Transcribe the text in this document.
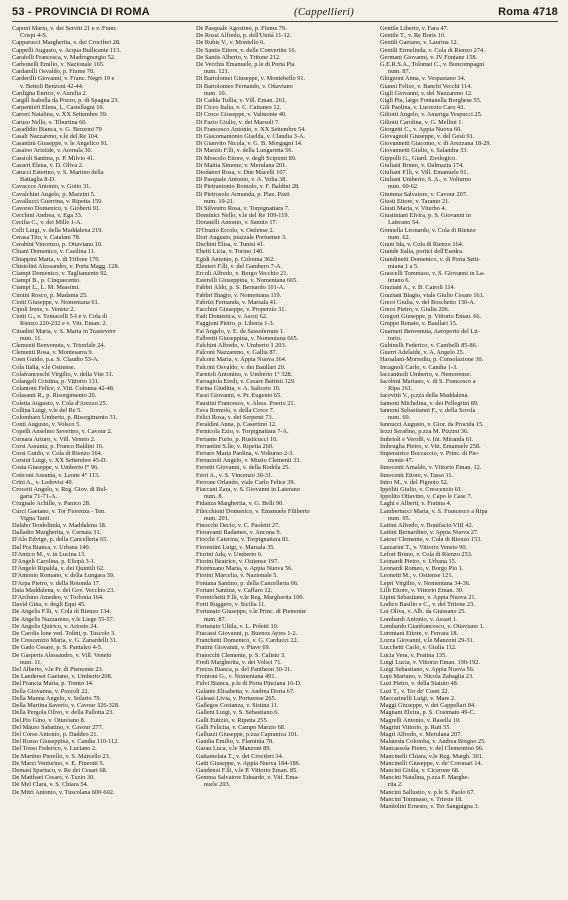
53 - PROVINCIA DI ROMA	(Cappellieri)	Roma 4718
Caponi Mario, v. dei Serviti 21 e v. Franc.
Crispi 4-S.
Capparucci Margherita, v. dei Crociferi 28.
Cappelli Augusto, v. Acqua Bullicante 113.
Carafelli Francesca, v. Madrognorgio 52.
Carbonelli Emilio, v. Nazionale 165.
Cardarelli Osvaldo, p. Fiume 70.
Carderilli Giovanni, v. Franc. Negri 19 e
v. Bettoli Benzoni 42-44.
Cardigna Enrico, v. Aurelia 2.
Cargill Isabella da Pozzo, p. di Spagna 23.
Carpentieri Elena, L. Castellagni 10.
Carreri Natalina, v. XX Settembre 39.
Caruso Nello, v. Tiburtina 60.
Casadidio Bianca, v. G. Benzoni 79
Casali Nazzareno, v.le del Re 104.
Casantini Giuseppe, v. le Angelico 91.
Casaioo Aristide, v. Arenula 30.
Cassioli Santina, p. P. Milvio 41.
Casseri Elena, v. D. Oliva 2.
Catucci Esterino, v. S. Martino della
Battaglia 8-D.
Cavaccce Antonio, v. Goito 31.
Cavalchini Angelo, p. Mazzini 5.
Cavallucci Guerrina, v. Ripetta 159.
Cavoreo Domenico, v. Gioberti 91.
Cecchini Andrea, v. Ega 33.
Cecilia C., v. dei Mille 1-A.
Celli Luigi, v. della Maddalena 219.
Cerasa Tito, v. Catalani 78.
Cerabini Vincenzo, p. Ottaviano 10.
Chiani Domenico, v. Casilina 11.
Chiappini Maria, v. di Trifone 170.
Chistolini Alessandro, v. Porta Magg. 128.
Ciampi Domenico, v. Tagliamento 92.
Ciampi B., p. Cinquecento.
Ciampi L., L. M. Massimi.
Cimini Rosco, p. Madama 25.
Ciotti Giuseppe, v. Nomentana 61.
Cipoli Irene, v. Veneto 2.
Ciotti G., v. Tomacelli 5-I e v. Cola di
Rienzo 220-232 e v. Vitt. Eman. 2.
Cittadini Maria, v. S. Maria in Trastevere
num. 11.
Clementi Benvenuta, v. Trionfale 24.
Clementi Rosa, v. Montesarra 9.
Coen Guido, p.a. S. Claudio 53-A.
Cola Italia, v.le Ostiense.
Colafranceschi Virgilio, v. della Vite 31.
Colangeli Cristina, p. Vittorio 131.
Colantoni Felice, v. Vitt. Colonna 42-48.
Colasanti R., p. Risorgimento 20.
Coletta Augusto, v. Cola d'Arezzo 25.
Collina Luigi, v.le del Re 5.
Colombaro Umberto, p. Risorgimento 31.
Conti Augusto, v. Volsco 5.
Copelli Anselmo Severino, v. Cavour 2.
Cornara Arturo, v. Vill. Veneto 2.
Corsi Assunta, p. Franco Baldini 16.
Corsi Guido, v. Cola di Rienzo 164.
Corsini Luigi, v. XX Settembre 45-D.
Costa Giuseppe, v. Umberto I° 96.
Coticoni Assunta, v. Leone 4° 113.
Crini A., v. Lodovisi 40.
Crocetti Angelo, v. Reg. Giov. di Bul-
garia 71-71-A.
Crugnale Achille, v. Panico 28.
Curci Gaetano, v. Tor Fiorenza - Ten.
Vigna Tanti.
Dalabo Teodolinda, v. Maddalena 18.
Dalladio Margherita, v. Cernaia 31.
D'Alo Edvige, p. della Cancelleria 65.
Dal Pra Bianca, v. Urbana 140.
D'Amico M., v. in Lucina 13.
D'Angeli Carolina, p. Eliopà 3-1.
D'Angelo Ripalda, v. dei Quintili 62.
D'Antonio Romano, v. della Lungara 39.
D'Arpa Pietro, v. della Rotonda 17.
Data Maddalena, v. del Gov. Vecchio 23.
D'Archino Amedeo, v. Torlonia 164.
David Gina, v. degli Equi 45.
De Angelis F.lli, v. Cola di Rienzo 134.
De Angelis Nazzareno, v.le Liege 55-57.
De Angelis Quirico, v. Ariosto 24.
De Carolis lone ved. Tolini, p. Tuscolo 3.
De Crescenzio Maria, v. G. Zanardelli 31.
De Gado Cesare, p. S. Pantaleo 4-5.
De Gasperis Alessandro, v. Vill. Veneto
num. 11.
Del Alberto, v.le Pr. di Piemonte 23.
De Landerset Gaetano, v. Umberto 208.
Del Francia Maria, p. Trento 14.
Della Giovanna, v. Pozzoli 22.
Della Manna Angelo, v. Solario 79.
Della Martina Saverio, v. Cavour 326-328.
Della Pergola Olivo, v. della Pallotta 23.
Del Pio Gino, v. Ottaviano 8.
Del Mauro Sabatino, v. Cavour 277.
Del Corso Antonio, p. Daddeo 21.
Del Rosso Giuseppina, v. Candia 110-112.
Del Tosso Federico, v. Luciano 2.
De Martino Pierello, v. S. Marcello 23.
De Marzi Venturino, v. E. Fineotti 5.
Demasi Spartaco, v. Re dei Cesari 68.
De Matthaei Cesare, v. Tuzio 30.
De Mel Clara, v. S. Chiara 54.
De Mitri Antonio, v. Tuscolana 600-602.
De Pasquale Agostino, p. Fiume 79.
De Rossi Alfredo, p. dell'Unità 11-12.
De Rubis V., v. Montello 6.
De Santis Ettore, v. delle Convertite 16.
De Santis Alberto, v. Tritone 212.
De Vecchis Emanuele, p.le di Porta Pia
num. 121.
Di Bartolomei Giuseppe, v. Montebello 91.
Di Bartolomeo Fernando, v. Ottaviano
num. 10.
Di Cadda Tullia, v. Vill. Eman. 261.
Di Cicco Italia, v. C. Cattaneo 12.
Di Croce Giuseppe, v. Valmonte 40.
Di Fazio Giulio, v. dei Marsoli 7.
Di Francesco Antonio, v. XX Settembre 54.
Di Giacomantonio Giselda, v. Claudia 3-A.
Di Gianvito Nicola, v. G. B. Morgagni 14.
Di Marzio F.lli, v. della Lungaretta 56.
Di Moscolo Ettore, v. degli Scipioni 89.
Di Mattia Simone, v. Merulana 201.
Diodatori Rosa, v. Due Macelli 107.
Di Pasquale Antonio, v. A. Volta 38.
Di Pietrantonio Romolo, v. F. Baldini 28.
Di Pietrosolo Armanda, p. Piaz. Pasti
num. 19-21.
Di Silvestro Rosa, v. Torpignattara 7.
Dominici Nello, v.le del Re 109-119.
Donatelli Antonio, v. Sannio 17.
D'Orazio Ercolo, v. Ostiense 2.
Dori Augusto, piazzale Portuense 3.
Duchini Elisa, v. Tunisi 41.
Ebetti Licia, v. Torino 140.
Egidi Antonio, p. Colonna 362.
Eleuteri F.lli, v. del Gambero 7-A.
Ercoli Alfredo, v. Borgo Vecchio 21.
Esterelli Giuseppina, v. Nomentana 665.
Fabbri Aldo, p. S. Bernardo 101-A.
Fabbri Biagio, v. Nomentana 119.
Fabrizi Fernanda, v. Marsala 41.
Facchini Giuseppe, v. Properzio 31.
Fadi Domenica, v. Ascoi 62.
Faggioni Pietro, p. Liberta 1-3.
Fai Angelo, v. E. de Sassoferrato 1.
Falbretti Giuseppina, v. Nomentana 665.
Falchini Alfredo, v. Umberto 1 203.
Falconi Nazzareno, v. Gallia 87.
Falconi Maria, v. Appia Nuova 364.
Falconi Osvaldo, v. dei Baullari 20.
Farnioli Antonino, v. Umberto 1° 328.
Farragiola Eredi, v. Cesare Battisti 129.
Farina Giuditta, v. A. Saliceto 10.
Fassi Giovanni, v. Pr. Eugenio 65.
Faustini Francesco, v. Aless. Poerio 21.
Fava Romolo, v. della Croce 7.
Felici Rosa, v. dei Serpenti 73.
Feraldini Anna, p. Casertino 12.
Fernicola Ezio, v. Torpignattara 7-A.
Ferrante Furio, p. Rusticucci 10.
Ferrantini S.lle, v. Ripetta 260.
Ferraro Maria Paolina, v. Volturno 2-3.
Ferrazzoli Angelo, v. Muzio Clementi 33.
Ferretti Giovanni, v. della Rodola 25.
Ferri A., v. S. Vincenzo 30-31.
Ferrone Orlando, viale Carlo Felice 39.
Fiaccani Zara, v. S. Giovanni in Laterano
num. 8.
Fidanza Margherita, v. G. Belli 90.
Filecchioni Domenico, v. Emanuele Filiberto
num. 201.
Finocchi Decio, v. C. Paoletti 27.
Fioravanti Radames, v. Ancona 9.
Fiocchi Caterina, v. Torpignattara 81.
Fiorentini Luigi, v. Marsala 35.
Fiorini Ada, v. Umberto 6.
Fiorini Beatrice, v. Ostiense 197.
Fiorenzano Maria, v. Appia Nuova 56.
Fiorini Marcelia, v. Nazionale 5.
Fontana Santino, p. della Cancelleria 66.
Fortani Santina, v. Caffaro 12.
Formichetti F.lli, v.le Reg. Margherita 100.
Forti Ruggero, v. Sicilia 11.
Fortunato Giuseppe, v.le Princ. di Piemonte
num. 87.
Fortunato Ultila, v. L. Poletti 10.
Fracassi Giovanni, p. Buenos Ayres 1-2.
Franchetti Domenico, v. G. Carducci 22.
Fratini Giovanni, v. Piave 69.
Fratocchi Clemente, p. S. Calisto 3.
Fredi Margherita, v. dei Volsci 71.
Frezza Bianca, p. del Pantheon 30-31.
Frontoni G., v. Nomentana 491.
Fulvi Bianca, p.le di Porta Pinciana 16-D.
Galante Elisabetta, v. Andrea Doria 67.
Galeasi Livia, v. Portuense 265.
Gallegos Costanza, v. Sistina 11.
Galleni Luigi, v. S. Sebastiano 6.
Galli Eutizio, v. Ripetta 255.
Galli Felicita, v. Campo Marzio 68.
Galluzzi Giuseppe, p.zza Capranica 101.
Gandia Emilio, v. Flaminia 78.
Garau Luca, v.le Manzoni 89.
Gattamelata T., v. dei Crociferi 34.
Gatti Giuseppe, v. Appia Nuova 184-186.
Gaudenzi F.lli, v.le P. Vittorio Eman. 85.
Gemma Salvatore Edoardo, v. Vitt. Ema-
nuele 293.
Gentile Liberio, v. Fara 47.
Gentile T., v. Re Boris 10.
Gentili Gaetano, v. Laurina 12.
Gentili Ermelinda, v. Cola di Rienzo 274.
Germani Giovanni, v. IV Fontane 158.
G.E.R.S.A., Tolomei C., v. Boncompagni
num. 87.
Ghignoni Anna, v. Vespasiano 34.
Gianni Felice, v. Banchi Vecchi 114.
Gigli Giovanni, v. del Nazzareno 12.
Gigli Pia, largo Fontanella Borghese 55.
Gili Paolina, v. Lucrezio Caro 43.
Giliotti Angelo, v. Ameriga Vespucci 25.
Giliotti Carolina, v. G. Mellini 1.
Giorgetti C., v. Appia Nuova 60.
Giovagnoli Giuseppe, v. del Gesù 91.
Giovannetti Giacomo, v. di Arezzana 18-29.
Giovannetti Giulio, v. Salandra 33.
Gippolli G., Giard. Zoologico.
Giuliani Bruno, v. Dalmazia 174.
Giuliani F.lli, v. Vill. Emanuele 91.
Giuliani Umberto, S. A., v. Volturno
num. 60-62.
Giumma Salvatore, v. Cavour 207.
Giusti Ettore, v. Taranto 21.
Giusti Maria, v. Viterbo 4.
Giustiniani Elvira, p. S. Giovanni in
Laterano 54.
Gonnella Leonardo, v. Cola di Rienzo
num. 62.
Gram Ida, v. Cola di Rienzo 164.
Grande Italia, portici dell'Esedra.
Grandinetti Domenico, v. di Porta Setti-
miana 1 a 5.
Grascelli Tommaso, v. S. Giovanni in La-
terano 6.
Graziani A., v. B. Cairoli 114.
Graziani Biagio, viale Giulio Cesare 161.
Greco Giulia, v. del Boschetto 130-A.
Greco Pietro, v. Giulia 206.
Gregori Giuseppe, p. Vittorio Eman. 66.
Gruppo Renato, v. Baullari 15.
Guarneri Benvenuta, Aeroporto del Lit-
torio.
Gubinelli Federico, v. Cambelli 85-86.
Guerri Adelaide, v. A. Angelo 25.
Harsalani-Morrediu, p. Consolazione 30.
Incagnoli Carlo, v. Candia 1-3.
Iaccaninoli Umberto, v. Nemorense.
Iacobini Mariano, v. di S. Francesco a
Ripa 161.
Iacovitti V., p.zza della Maddalena.
Iannoni Michelina, v. dei Pellegrini 89.
Iannoni Sebastianni F., v. della Scrofa
num. 69.
Iannucci Augusto, v. Gior. da Procida 15.
Iezzi Serafino, p.zza M. Pizzini 36.
Imbrioli e Verolli, v. Int. Miranda 61.
Imbruglia Pietro, v. Vitt. Emanuele 258.
Imperatrice Boccaccio, v. Princ. di Pie-
monte 47.
Innocenti Arnaldo, v. Vittorio Eman. 12.
Innocenti Ettore, v. Tasso 11.
Intro M., v. del Pignoto 52.
Ippoliti Giulio, v. Crescenzio 61.
Ippolito Ottavino, v. Capo le Case 7.
Laghi e Alberti, v. Fratina 4.
Lambertucci Maria, v. S. Francesco a Ripa
num. 95.
Lattini Alfredo, v. Bonifacio VIII 42.
Lattini Bernardino, v. Appia Nuova 27.
Latour Clemente, v. Cola di Rienzo 153.
Lazzarini T., v. Vittorio Veneto 90.
Lefort Bruno, v. Cola di Rienzo 253.
Leonardi Pietro, v. Urbana 15.
Leonardi Romeo, v. Borgo Pio 1.
Leonetti M., v. Ostiense 121.
Lepri Virgilio, v. Nomentana 34-36.
Lilli Ettore, v. Vittorio Eman. 30.
Lipini Sebastiano, v. Appia Nuova 21.
Lodico Basilio e C., v. del Tritone 23.
Loi Oliva, v. Alb. da Giussano 25.
Lombardi Antonio, v. Assari 1.
Lombardo Gianfrancesco, v. Ottaviano 1.
Lorentani Ettore, v. Ferrara 18.
Lozza Giovanni, v.le Manzoni 29-31.
Lucchetti Carlo, v. Giulia 112.
Lucia Vera, v. Fratina 135.
Luigi Lucia, v. Vittorio Eman. 190-192.
Luigi Sebastiano, v. Appia Nuova 56.
Lupi Mariano, v. Nicola Zabaglia 23.
Luzi Pietro, v. della Statuto 48.
Luzi T., v. Tor de' Conti 22.
Maccarinelli Luigi, v. Mare 2.
Maggi Giuseppe, v. dei Cappellari 84.
Magnani Elvira, p. S. Cosimato 49-C.
Magrelli Antonio, v. Rasella 10.
Magrini Vittorio, p. Ruti 55.
Magri Alfredo, v. Merulana 207.
Malatesta Colomba, v. Andrea Bregno 25.
Mancassola Pietro, v. del Clementino 96.
Mancinelli Chiara, v.le Reg. Margh. 301.
Mancinelli Giuseppe, v. de' Coronari 14.
Mancini Giulia, v. Cicerone 68.
Mancini Natalina, p.zza F. Marghe-
rita 2.
Mancini Sallustio, v. p.le S. Paolo 67.
Mancini Tommaso, v. Trieste 18.
Mandolini Ernesto, v. Tor Sanguigna 3.
